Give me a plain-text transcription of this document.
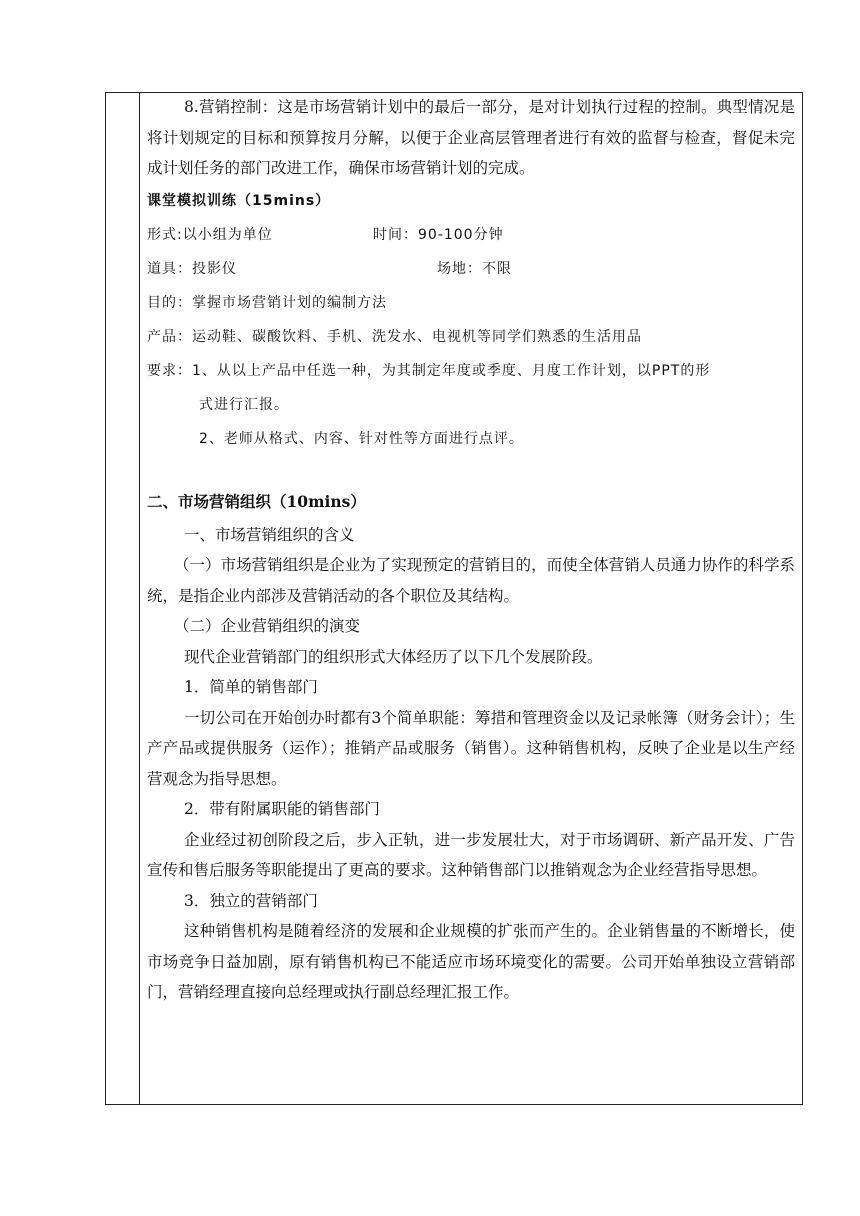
8.营销控制：这是市场营销计划中的最后一部分，是对计划执行过程的控制。典型情况是将计划规定的目标和预算按月分解，以便于企业高层管理者进行有效的监督与检查，督促未完成计划任务的部门改进工作，确保市场营销计划的完成。

课堂模拟训练（15mins）
形式:以小组为单位	时间：90-100分钟
道具：投影仪	场地：不限
目的：掌握市场营销计划的编制方法
产品：运动鞋、碳酸饮料、手机、洗发水、电视机等同学们熟悉的生活用品
要求：1、从以上产品中任选一种，为其制定年度或季度、月度工作计划，以PPT的形
式进行汇报。
2、老师从格式、内容、针对性等方面进行点评。
二、市场营销组织（10mins）
一、市场营销组织的含义

（一）市场营销组织是企业为了实现预定的营销目的，而使全体营销人员通力协作的科学系统，是指企业内部涉及营销活动的各个职位及其结构。

（二）企业营销组织的演变
现代企业营销部门的组织形式大体经历了以下几个发展阶段。
1．简单的销售部门

一切公司在开始创办时都有3个简单职能：筹措和管理资金以及记录帐簿（财务会计）；生产产品或提供服务（运作）；推销产品或服务（销售）。这种销售机构，反映了企业是以生产经营观念为指导思想。

2．带有附属职能的销售部门

企业经过初创阶段之后，步入正轨，进一步发展壮大，对于市场调研、新产品开发、广告宣传和售后服务等职能提出了更高的要求。这种销售部门以推销观念为企业经营指导思想。

3．独立的营销部门

这种销售机构是随着经济的发展和企业规模的扩张而产生的。企业销售量的不断增长，使市场竞争日益加剧，原有销售机构已不能适应市场环境变化的需要。公司开始单独设立营销部门，营销经理直接向总经理或执行副总经理汇报工作。
